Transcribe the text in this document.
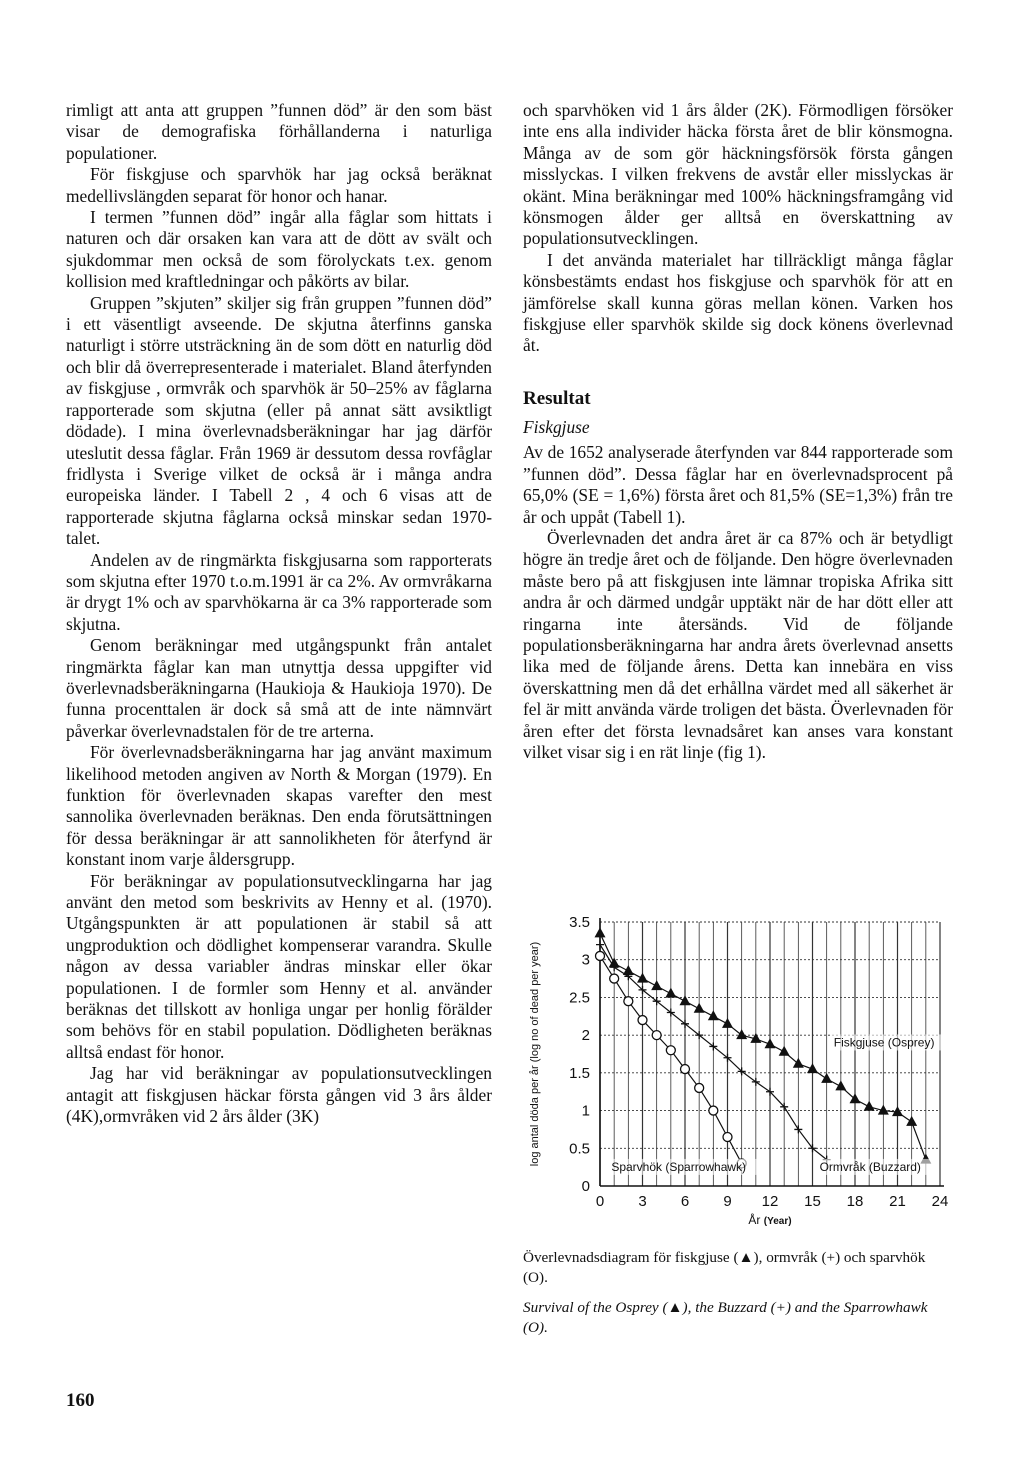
rimligt att anta att gruppen ”funnen död” är den som bäst visar de demografiska förhållanderna i naturliga populationer.

För fiskgjuse och sparvhök har jag också beräknat medellivslängden separat för honor och hanar.

I termen ”funnen död” ingår alla fåglar som hittats i naturen och där orsaken kan vara att de dött av svält och sjukdommar men också de som förolyckats t.ex. genom kollision med kraftledningar och påkörts av bilar.

Gruppen ”skjuten” skiljer sig från gruppen ”funnen död” i ett väsentligt avseende. De skjutna återfinns ganska naturligt i större utsträckning än de som dött en naturlig död och blir då överrepresenterade i materialet. Bland återfynden av fiskgjuse , ormvråk och sparvhök är 50–25% av fåglarna rapporterade som skjutna (eller på annat sätt avsiktligt dödade). I mina överlevnadsberäkningar har jag därför uteslutit dessa fåglar. Från 1969 är dessutom dessa rovfåglar fridlysta i Sverige vilket de också är i många andra europeiska länder. I Tabell 2 , 4 och 6 visas att de rapporterade skjutna fåglarna också minskar sedan 1970-talet.

Andelen av de ringmärkta fiskgjusarna som rapporterats som skjutna efter 1970 t.o.m.1991 är ca 2%. Av ormvråkarna är drygt 1% och av sparvhökarna är ca 3% rapporterade som skjutna.

Genom beräkningar med utgångspunkt från antalet ringmärkta fåglar kan man utnyttja dessa uppgifter vid överlevnadsberäkningarna (Haukioja & Haukioja 1970). De funna procenttalen är dock så små att de inte nämnvärt påverkar överlevnadstalen för de tre arterna.

För överlevnadsberäkningarna har jag använt maximum likelihood metoden angiven av North & Morgan (1979). En funktion för överlevnaden skapas varefter den mest sannolika överlevnaden beräknas. Den enda förutsättningen för dessa beräkningar är att sannolikheten för återfynd är konstant inom varje åldersgrupp.

För beräkningar av populationsutvecklingarna har jag använt den metod som beskrivits av Henny et al. (1970). Utgångspunkten är att populationen är stabil så att ungproduktion och dödlighet kompenserar varandra. Skulle någon av dessa variabler ändras minskar eller ökar populationen. I de formler som Henny et al. använder beräknas det tillskott av honliga ungar per honlig förälder som behövs för en stabil population. Dödligheten beräknas alltså endast för honor.

Jag har vid beräkningar av populationsutvecklingen antagit att fiskgjusen häckar första gången vid 3 års ålder (4K),ormvråken vid 2 års ålder (3K)

och sparvhöken vid 1 års ålder (2K). Förmodligen försöker inte ens alla individer häcka första året de blir könsmogna. Många av de som gör häckningsförsök första gången misslyckas. I vilken frekvens de avstår eller misslyckas är okänt. Mina beräkningar med 100% häckningsframgång vid könsmogen ålder ger alltså en överskattning av populationsutvecklingen.

I det använda materialet har tillräckligt många fåglar könsbestämts endast hos fiskgjuse och sparvhök för att en jämförelse skall kunna göras mellan könen. Varken hos fiskgjuse eller sparvhök skilde sig dock könens överlevnad åt.

Resultat
Fiskgjuse

Av de 1652 analyserade återfynden var 844 rapporterade som ”funnen död”. Dessa fåglar har en överlevnadsprocent på 65,0% (SE = 1,6%) första året och 81,5% (SE=1,3%) från tre år och uppåt (Tabell 1).

Överlevnaden det andra året är ca 87% och är betydligt högre än tredje året och de följande. Den högre överlevnaden måste bero på att fiskgjusen inte lämnar tropiska Afrika sitt andra år och därmed undgår upptäkt när de har dött eller att ringarna inte återsänds. Vid de följande populationsberäkningarna har andra årets överlevnad ansetts lika med de följande årens. Detta kan innebära en viss överskattning men då det erhållna värdet med all säkerhet är fel är mitt använda värde troligen det bästa. Överlevnaden för åren efter det första levnadsåret kan anses vara konstant vilket visar sig i en rät linje (fig 1).

0 3 6 9 12 15 18 21 24
0
0.5
1
1.5
2
2.5
3
3.5
År (Year)
log antal döda per år (log no of dead per year)	Fiskgjuse (Osprey)
Sparvhök (Sparrowhawk)	Ormvråk (Buzzard)
Överlevnadsdiagram för fiskgjuse (▲), ormvråk (+) och sparvhök (O).
Survival of the Osprey (▲), the Buzzard (+) and the Sparrowhawk (O).
160
